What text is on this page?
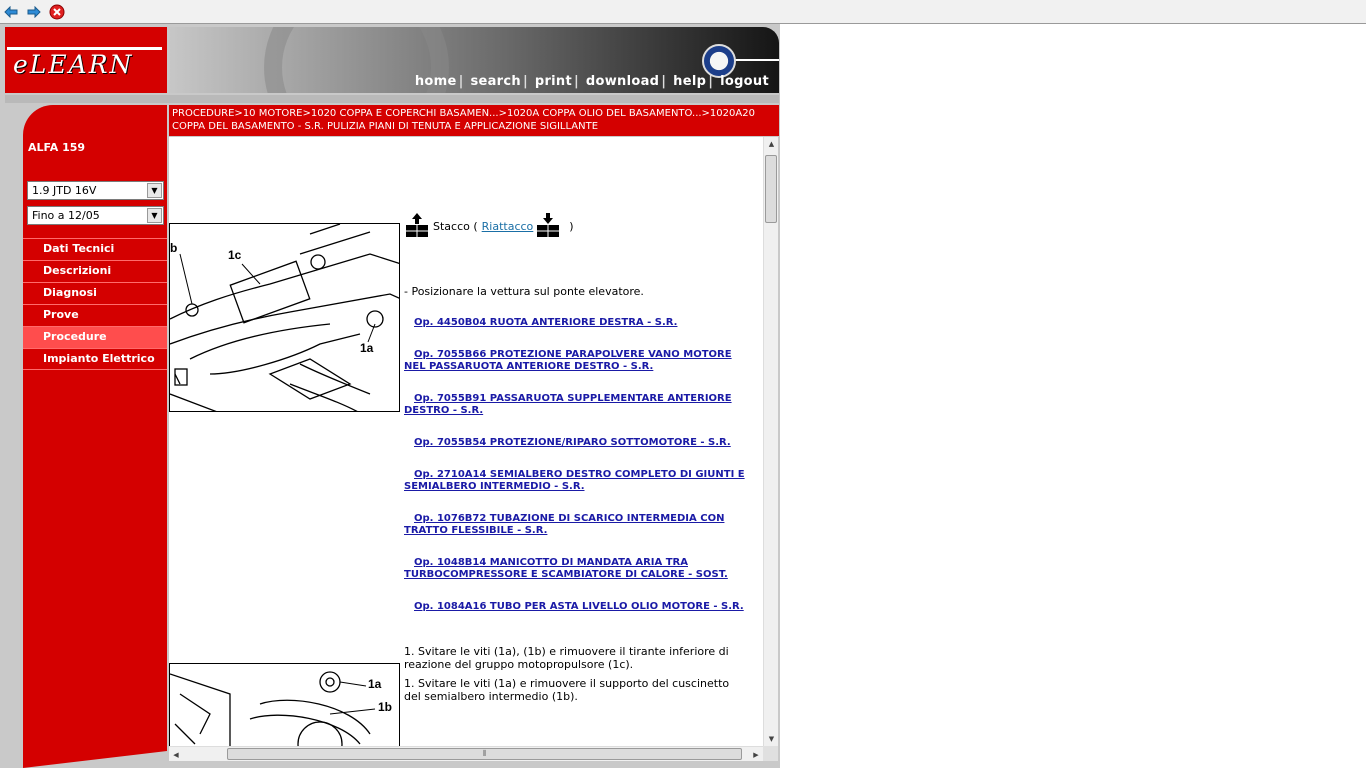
eLEARN
home | search | print | download | help | logout
ALFA 159
1.9 JTD 16V	▼
Fino a 12/05	▼
Dati Tecnici
Descrizioni
Diagnosi
Prove
Procedure
Impianto Elettrico
PROCEDURE>10 MOTORE>1020 COPPA E COPERCHI BASAMEN...>1020A COPPA OLIO DEL BASAMENTO...>1020A20 COPPA DEL BASAMENTO - S.R. PULIZIA PIANI DI TENUTA E APPLICAZIONE SIGILLANTE
b	1c
1a
1a
1b
Stacco ( Riattacco	)
- Posizionare la vettura sul ponte elevatore.
Op. 4450B04 RUOTA ANTERIORE DESTRA - S.R.
Op. 7055B66 PROTEZIONE PARAPOLVERE VANO MOTORE NEL PASSARUOTA ANTERIORE DESTRO - S.R.
Op. 7055B91 PASSARUOTA SUPPLEMENTARE ANTERIORE DESTRO - S.R.
Op. 7055B54 PROTEZIONE/RIPARO SOTTOMOTORE - S.R.
Op. 2710A14 SEMIALBERO DESTRO COMPLETO DI GIUNTI E SEMIALBERO INTERMEDIO - S.R.
Op. 1076B72 TUBAZIONE DI SCARICO INTERMEDIA CON TRATTO FLESSIBILE - S.R.
Op. 1048B14 MANICOTTO DI MANDATA ARIA TRA TURBOCOMPRESSORE E SCAMBIATORE DI CALORE - SOST.
Op. 1084A16 TUBO PER ASTA LIVELLO OLIO MOTORE - S.R.
1. Svitare le viti (1a), (1b) e rimuovere il tirante inferiore di reazione del gruppo motopropulsore (1c).
1. Svitare le viti (1a) e rimuovere il supporto del cuscinetto del semialbero intermedio (1b).
▲
▼
◀	⦀	▶
